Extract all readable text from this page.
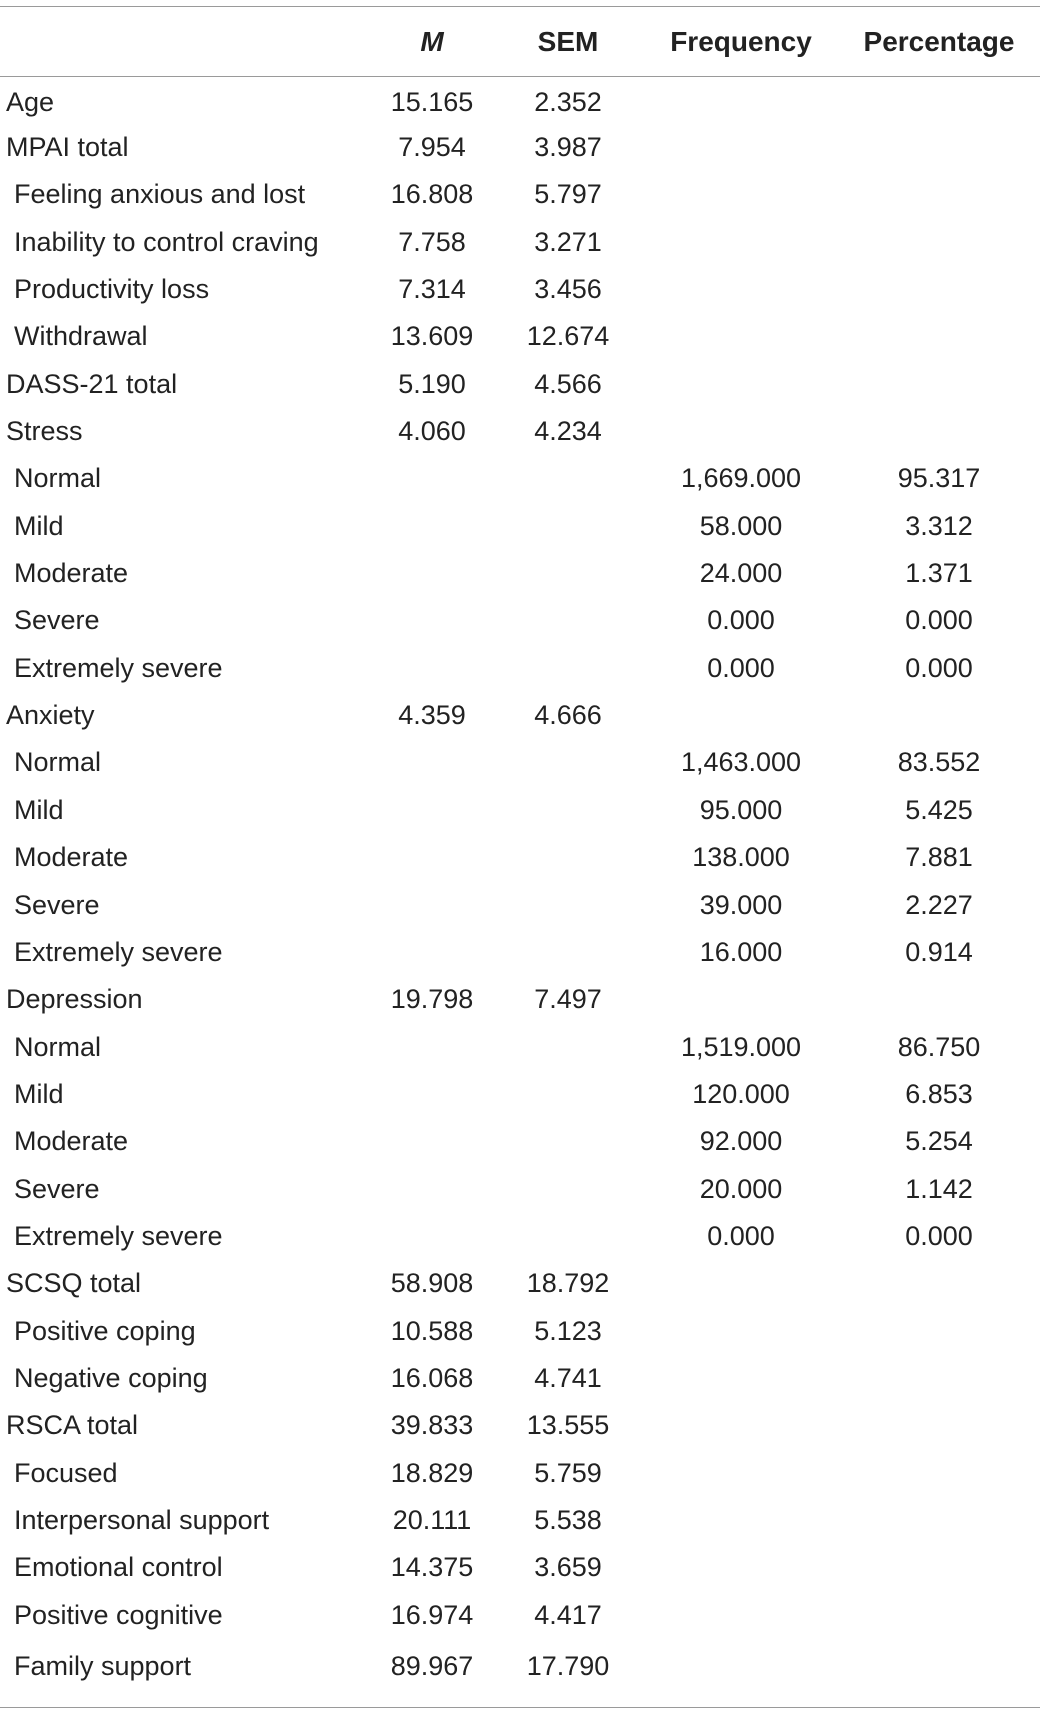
	M	SEM	Frequency	Percentage
Age	15.165	2.352		
MPAI total	7.954	3.987		
Feeling anxious and lost	16.808	5.797		
Inability to control craving	7.758	3.271		
Productivity loss	7.314	3.456		
Withdrawal	13.609	12.674		
DASS-21 total	5.190	4.566		
Stress	4.060	4.234		
Normal			1,669.000	95.317
Mild			58.000	3.312
Moderate			24.000	1.371
Severe			0.000	0.000
Extremely severe			0.000	0.000
Anxiety	4.359	4.666		
Normal			1,463.000	83.552
Mild			95.000	5.425
Moderate			138.000	7.881
Severe			39.000	2.227
Extremely severe			16.000	0.914
Depression	19.798	7.497		
Normal			1,519.000	86.750
Mild			120.000	6.853
Moderate			92.000	5.254
Severe			20.000	1.142
Extremely severe			0.000	0.000
SCSQ total	58.908	18.792		
Positive coping	10.588	5.123		
Negative coping	16.068	4.741		
RSCA total	39.833	13.555		
Focused	18.829	5.759		
Interpersonal support	20.111	5.538		
Emotional control	14.375	3.659		
Positive cognitive	16.974	4.417		
Family support	89.967	17.790		
